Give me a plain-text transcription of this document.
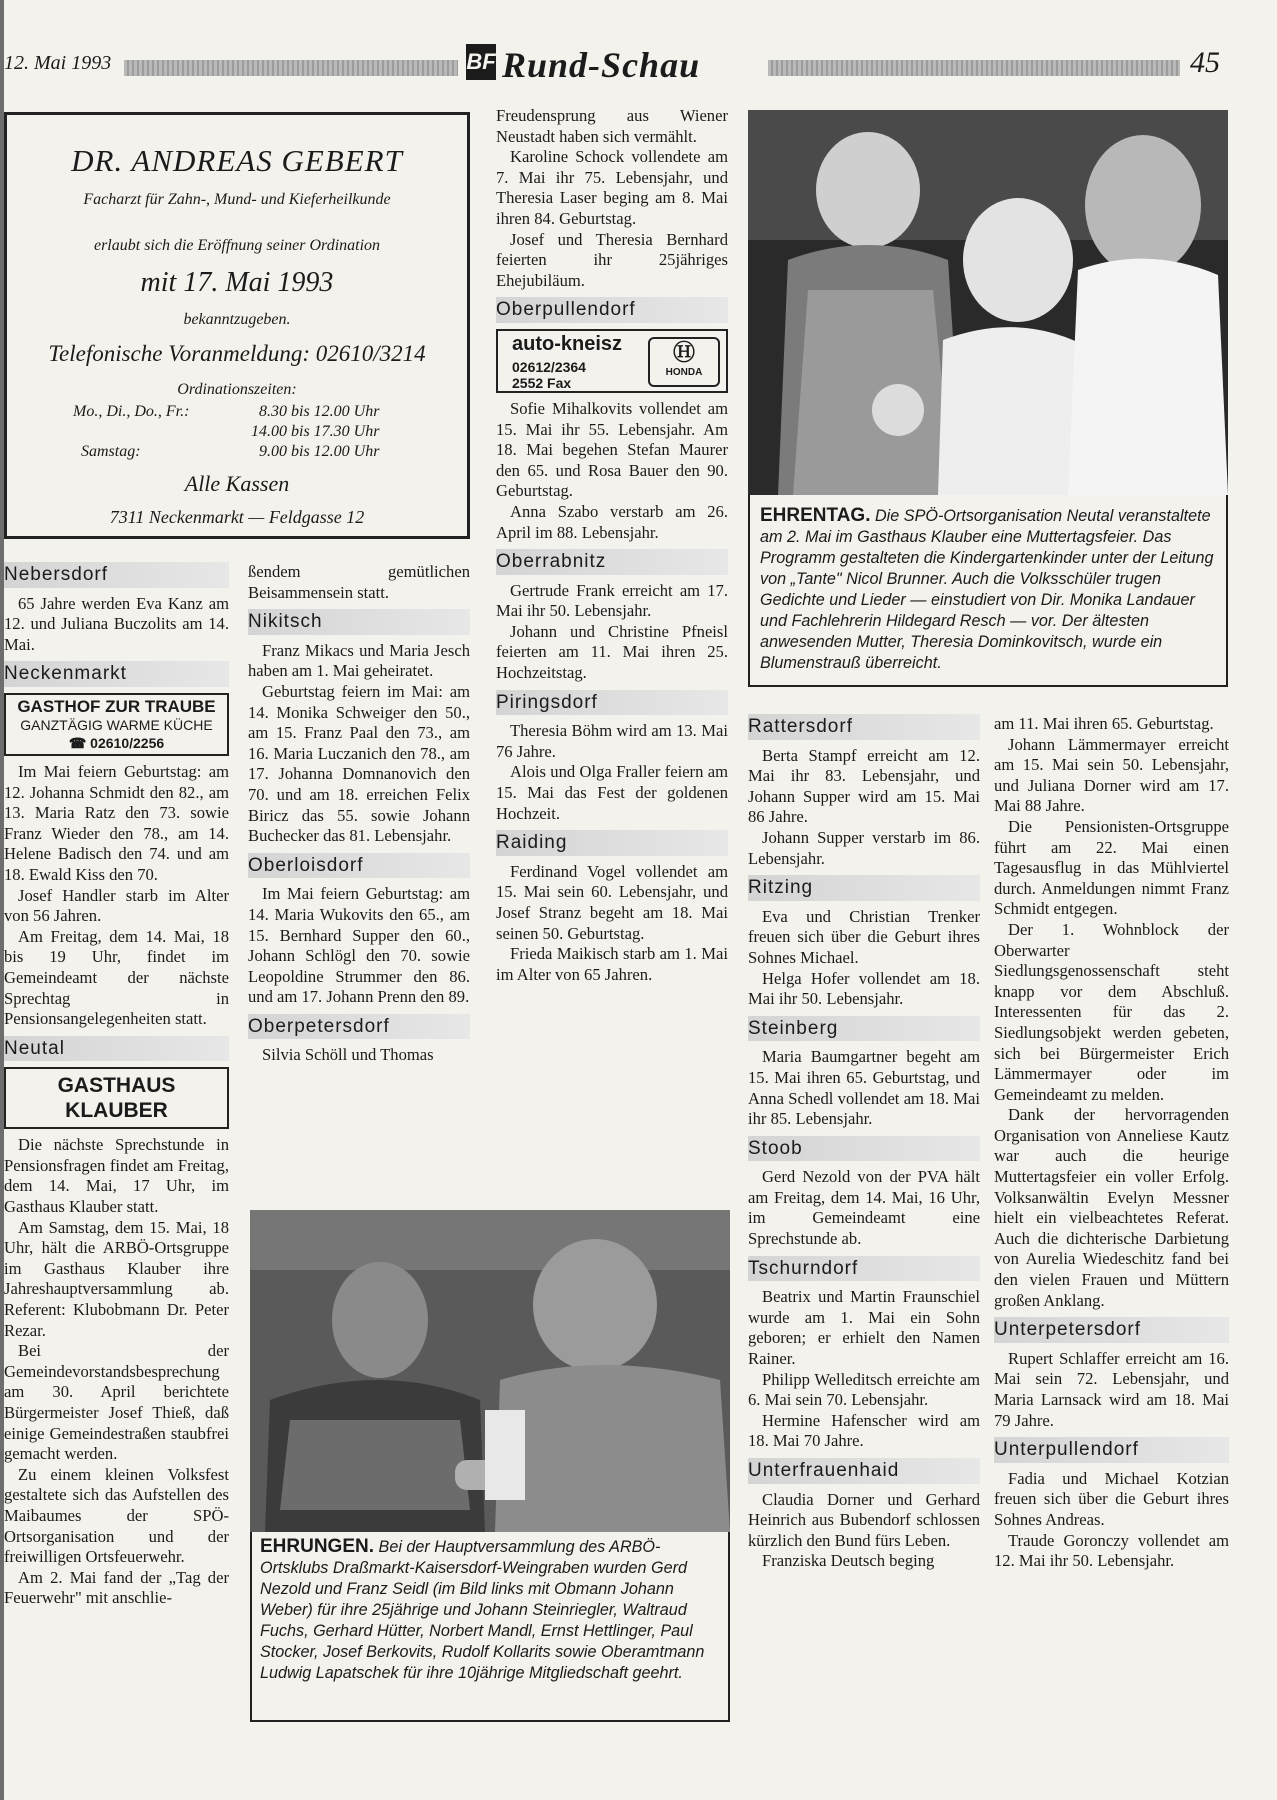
12. Mai 1993	BF Rund-Schau	45
DR. ANDREAS GEBERT
Facharzt für Zahn-, Mund- und Kieferheilkunde
erlaubt sich die Eröffnung seiner Ordination
mit 17. Mai 1993
bekanntzugeben.
Telefonische Voranmeldung: 02610/3214
Ordinationszeiten:
Mo., Di., Do., Fr.:	8.30 bis 12.00 Uhr
14.00 bis 17.30 Uhr
Samstag:	9.00 bis 12.00 Uhr
Alle Kassen
7311 Neckenmarkt — Feldgasse 12
Nebersdorf

65 Jahre werden Eva Kanz am 12. und Juliana Buczolits am 14. Mai.

Neckenmarkt
GASTHOF ZUR TRAUBE
GANZTÄGIG WARME KÜCHE
☎ 02610/2256

Im Mai feiern Geburtstag: am 12. Johanna Schmidt den 82., am 13. Maria Ratz den 73. sowie Franz Wieder den 78., am 14. Helene Badisch den 74. und am 18. Ewald Kiss den 70.

Josef Handler starb im Alter von 56 Jahren.

Am Freitag, dem 14. Mai, 18 bis 19 Uhr, findet im Gemeindeamt der nächste Sprechtag in Pensionsangelegenheiten statt.

Neutal
GASTHAUS
KLAUBER

Die nächste Sprechstunde in Pensionsfragen findet am Freitag, dem 14. Mai, 17 Uhr, im Gasthaus Klauber statt.

Am Samstag, dem 15. Mai, 18 Uhr, hält die ARBÖ-Ortsgruppe im Gasthaus Klauber ihre Jahreshauptversammlung ab. Referent: Klubobmann Dr. Peter Rezar.

Bei der Gemeindevorstandsbesprechung am 30. April berichtete Bürgermeister Josef Thieß, daß einige Gemeindestraßen staubfrei gemacht werden.

Zu einem kleinen Volksfest gestaltete sich das Aufstellen des Maibaumes der SPÖ-Ortsorganisation und der freiwilligen Ortsfeuerwehr.

Am 2. Mai fand der „Tag der Feuerwehr" mit anschlie-

ßendem gemütlichen Beisammensein statt.

Nikitsch

Franz Mikacs und Maria Jesch haben am 1. Mai geheiratet.

Geburtstag feiern im Mai: am 14. Monika Schweiger den 50., am 15. Franz Paal den 73., am 16. Maria Luczanich den 78., am 17. Johanna Domnanovich den 70. und am 18. erreichen Felix Biricz das 55. sowie Johann Buchecker das 81. Lebensjahr.

Oberloisdorf

Im Mai feiern Geburtstag: am 14. Maria Wukovits den 65., am 15. Bernhard Supper den 60., Johann Schlögl den 70. sowie Leopoldine Strummer den 86. und am 17. Johann Prenn den 89.

Oberpetersdorf

Silvia Schöll und Thomas

Freudensprung aus Wiener Neustadt haben sich vermählt.

Karoline Schock vollendete am 7. Mai ihr 75. Lebensjahr, und Theresia Laser beging am 8. Mai ihren 84. Geburtstag.

Josef und Theresia Bernhard feierten ihr 25jähriges Ehejubiläum.

Oberpullendorf
auto-kneisz
02612/2364
2552 Fax
Ⓗ
HONDA

Sofie Mihalkovits vollendet am 15. Mai ihr 55. Lebensjahr. Am 18. Mai begehen Stefan Maurer den 65. und Rosa Bauer den 90. Geburtstag.

Anna Szabo verstarb am 26. April im 88. Lebensjahr.

Oberrabnitz

Gertrude Frank erreicht am 17. Mai ihr 50. Lebensjahr.

Johann und Christine Pfneisl feierten am 11. Mai ihren 25. Hochzeitstag.

Piringsdorf

Theresia Böhm wird am 13. Mai 76 Jahre.

Alois und Olga Fraller feiern am 15. Mai das Fest der goldenen Hochzeit.

Raiding

Ferdinand Vogel vollendet am 15. Mai sein 60. Lebensjahr, und Josef Stranz begeht am 18. Mai seinen 50. Geburtstag.

Frieda Maikisch starb am 1. Mai im Alter von 65 Jahren.

EHRENTAG. Die SPÖ-Ortsorganisation Neutal veranstaltete am 2. Mai im Gasthaus Klauber eine Muttertagsfeier. Das Programm gestalteten die Kindergartenkinder unter der Leitung von „Tante" Nicol Brunner. Auch die Volksschüler trugen Gedichte und Lieder — einstudiert von Dir. Monika Landauer und Fachlehrerin Hildegard Resch — vor. Der ältesten anwesenden Mutter, Theresia Dominkovitsch, wurde ein Blumenstrauß überreicht.
Rattersdorf

Berta Stampf erreicht am 12. Mai ihr 83. Lebensjahr, und Johann Supper wird am 15. Mai 86 Jahre.

Johann Supper verstarb im 86. Lebensjahr.

Ritzing

Eva und Christian Trenker freuen sich über die Geburt ihres Sohnes Michael.

Helga Hofer vollendet am 18. Mai ihr 50. Lebensjahr.

Steinberg

Maria Baumgartner begeht am 15. Mai ihren 65. Geburtstag, und Anna Schedl vollendet am 18. Mai ihr 85. Lebensjahr.

Stoob

Gerd Nezold von der PVA hält am Freitag, dem 14. Mai, 16 Uhr, im Gemeindeamt eine Sprechstunde ab.

Tschurndorf

Beatrix und Martin Fraunschiel wurde am 1. Mai ein Sohn geboren; er erhielt den Namen Rainer.

Philipp Welleditsch erreichte am 6. Mai sein 70. Lebensjahr.

Hermine Hafenscher wird am 18. Mai 70 Jahre.

Unterfrauenhaid

Claudia Dorner und Gerhard Heinrich aus Bubendorf schlossen kürzlich den Bund fürs Leben.

Franziska Deutsch beging

am 11. Mai ihren 65. Geburtstag.

Johann Lämmermayer erreicht am 15. Mai sein 50. Lebensjahr, und Juliana Dorner wird am 17. Mai 88 Jahre.

Die Pensionisten-Ortsgruppe führt am 22. Mai einen Tagesausflug in das Mühlviertel durch. Anmeldungen nimmt Franz Schmidt entgegen.

Der 1. Wohnblock der Oberwarter Siedlungsgenossenschaft steht knapp vor dem Abschluß. Interessenten für das 2. Siedlungsobjekt werden gebeten, sich bei Bürgermeister Erich Lämmermayer oder im Gemeindeamt zu melden.

Dank der hervorragenden Organisation von Anneliese Kautz war auch die heurige Muttertagsfeier ein voller Erfolg. Volksanwältin Evelyn Messner hielt ein vielbeachtetes Referat. Auch die dichterische Darbietung von Aurelia Wiedeschitz fand bei den vielen Frauen und Müttern großen Anklang.

Unterpetersdorf

Rupert Schlaffer erreicht am 16. Mai sein 72. Lebensjahr, und Maria Larnsack wird am 18. Mai 79 Jahre.

Unterpullendorf

Fadia und Michael Kotzian freuen sich über die Geburt ihres Sohnes Andreas.

Traude Goronczy vollendet am 12. Mai ihr 50. Lebensjahr.

EHRUNGEN. Bei der Hauptversammlung des ARBÖ-Ortsklubs Draßmarkt-Kaisersdorf-Weingraben wurden Gerd Nezold und Franz Seidl (im Bild links mit Obmann Johann Weber) für ihre 25jährige und Johann Steinriegler, Waltraud Fuchs, Gerhard Hütter, Norbert Mandl, Ernst Hettlinger, Paul Stocker, Josef Berkovits, Rudolf Kollarits sowie Oberamtmann Ludwig Lapatschek für ihre 10jährige Mitgliedschaft geehrt.
